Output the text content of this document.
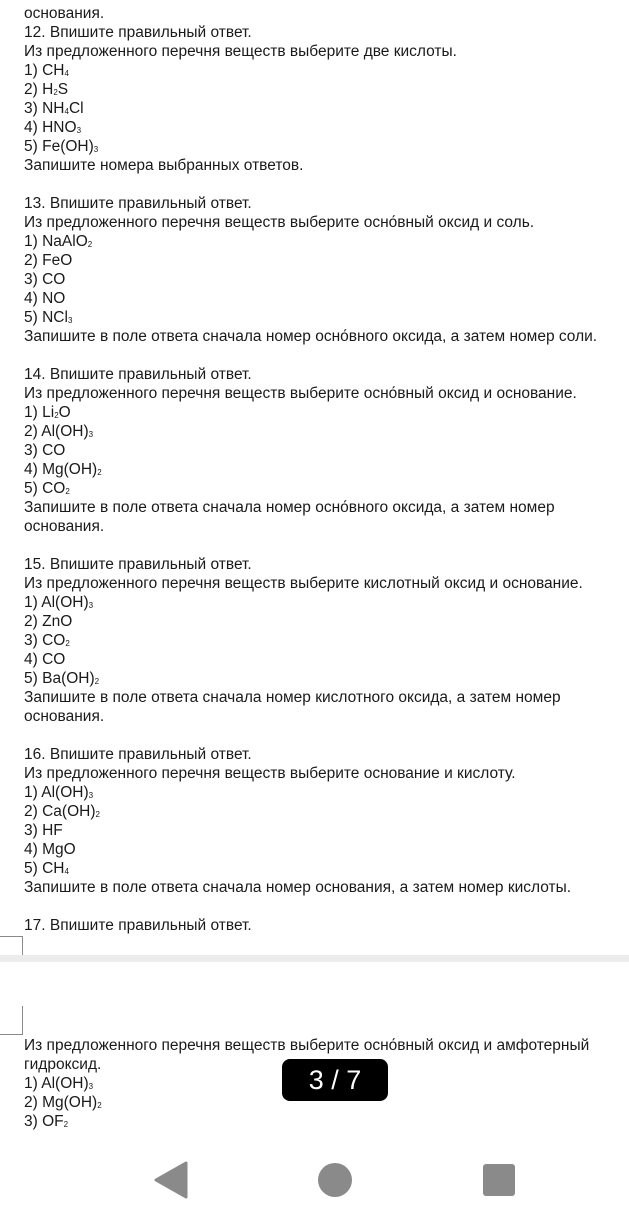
основания.
12. Впишите правильный ответ.
Из предложенного перечня веществ выберите две кислоты.
1) $CH_4$
2) $H_2S$
3) $NH_4Cl$
4) $HNO_3$
5) $Fe(OH)_3$
Запишите номера выбранных ответов.
13. Впишите правильный ответ.
Из предложенного перечня веществ выберите осно́вный оксид и соль.
1) NaAlO$_2$
2) FeO
3) CO
4) NO
5) NCl$_3$
Запишите в поле ответа сначала номер осно́вного оксида, а затем номер соли.
14. Впишите правильный ответ.
Из предложенного перечня веществ выберите осно́вный оксид и основание.
1) $Li_2O$
2) $Al(OH)_3$
3) CO
4) $Mg(OH)_2$
5) $CO_2$
Запишите в поле ответа сначала номер осно́вного оксида, а затем номер основания.
15. Впишите правильный ответ.
Из предложенного перечня веществ выберите кислотный оксид и основание.
1) $Al(OH)_3$
2) ZnO
3) $CO_2$
4) CO
5) $Ba(OH)_2$
Запишите в поле ответа сначала номер кислотного оксида, а затем номер основания.
16. Впишите правильный ответ.
Из предложенного перечня веществ выберите основание и кислоту.
1) $Al(OH)_3$
2) $Ca(OH)_2$
3) HF
4) MgO
5) $CH_4$
Запишите в поле ответа сначала номер основания, а затем номер кислоты.
17. Впишите правильный ответ.
Из предложенного перечня веществ выберите осно́вный оксид и амфотерный гидроксид.
1) $Al(OH)_3$
2) $Mg(OH)_2$
3) $OF_2$
3 / 7
